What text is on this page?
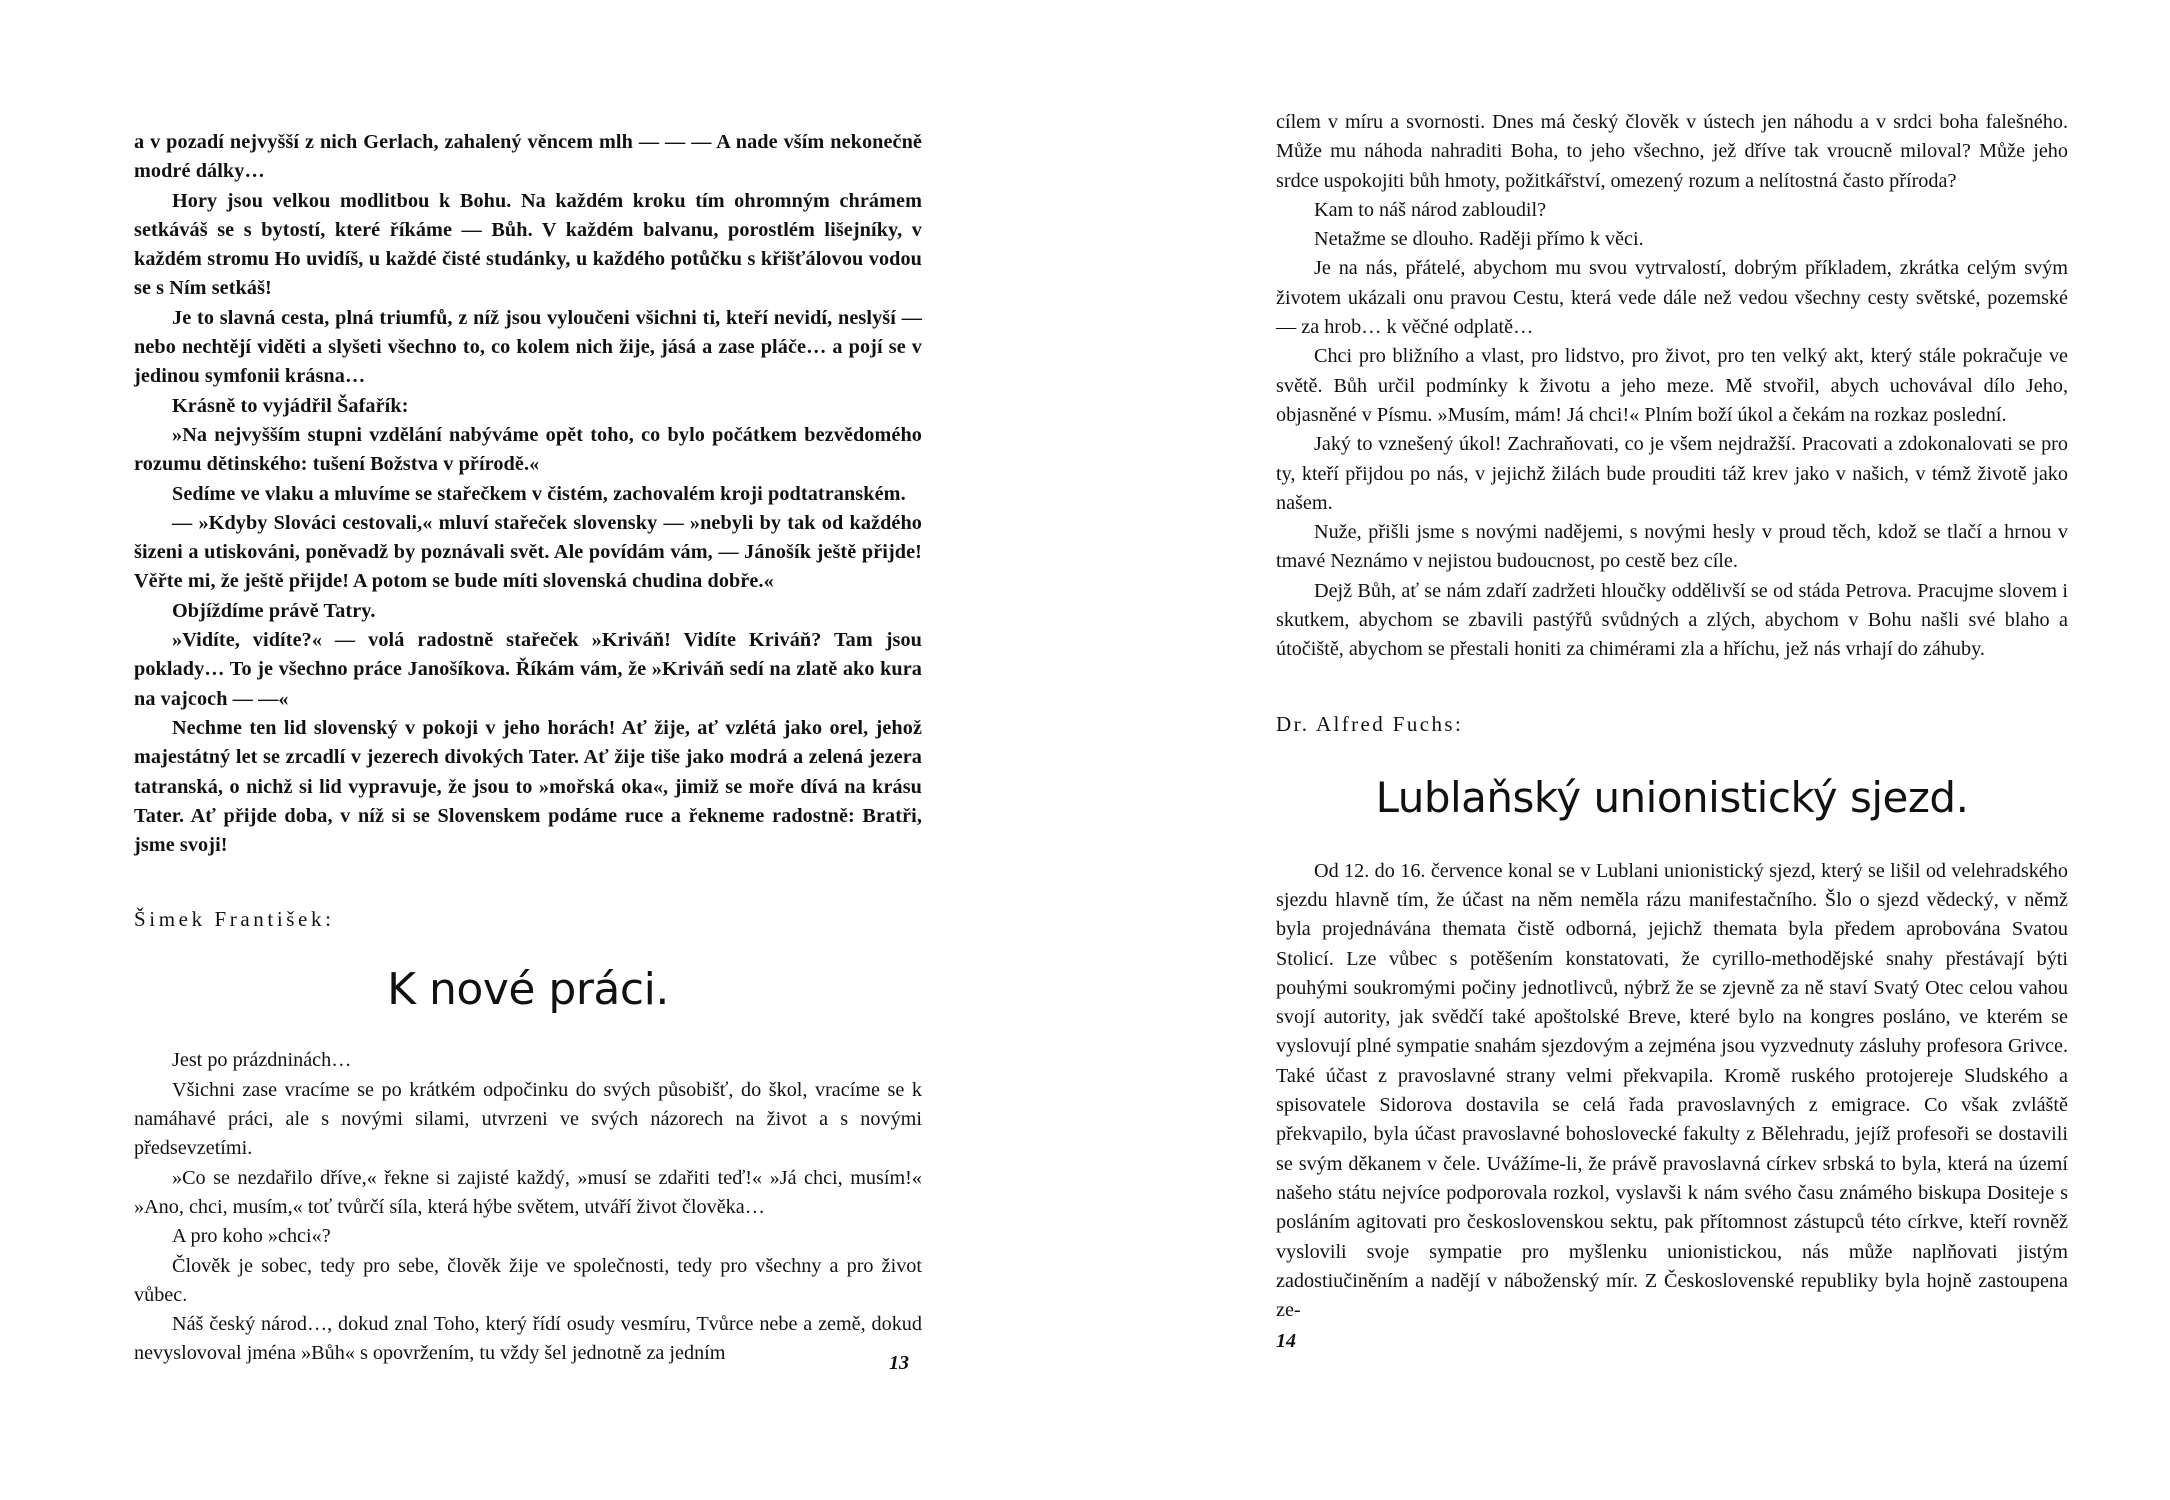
a v pozadí nejvyšší z nich Gerlach, zahalený věncem mlh — — — A nade vším nekonečně modré dálky…

Hory jsou velkou modlitbou k Bohu. Na každém kroku tím ohromným chrámem setkáváš se s bytostí, které říkáme — Bůh. V každém balvanu, porostlém lišejníky, v každém stromu Ho uvidíš, u každé čisté studánky, u každého potůčku s křišťálovou vodou se s Ním setkáš!

Je to slavná cesta, plná triumfů, z níž jsou vyloučeni všichni ti, kteří nevidí, neslyší — nebo nechtějí viděti a slyšeti všechno to, co kolem nich žije, jásá a zase pláče… a pojí se v jedinou symfonii krásna…

Krásně to vyjádřil Šafařík:

»Na nejvyšším stupni vzdělání nabýváme opět toho, co bylo počátkem bezvědomého rozumu dětinského: tušení Božstva v přírodě.«

Sedíme ve vlaku a mluvíme se stařečkem v čistém, zachovalém kroji podtatranském.

— »Kdyby Slováci cestovali,« mluví stařeček slovensky — »nebyli by tak od každého šizeni a utiskováni, poněvadž by poznávali svět. Ale povídám vám, — Jánošík ještě přijde! Věřte mi, že ještě přijde! A potom se bude míti slovenská chudina dobře.«

Objíždíme právě Tatry.

»Vidíte, vidíte?« — volá radostně stařeček »Kriváň! Vidíte Kriváň? Tam jsou poklady… To je všechno práce Janošíkova. Říkám vám, že »Kriváň sedí na zlatě ako kura na vajcoch — —«

Nechme ten lid slovenský v pokoji v jeho horách! Ať žije, ať vzlétá jako orel, jehož majestátný let se zrcadlí v jezerech divokých Tater. Ať žije tiše jako modrá a zelená jezera tatranská, o nichž si lid vypravuje, že jsou to »mořská oka«, jimiž se moře dívá na krásu Tater. Ať přijde doba, v níž si se Slovenskem podáme ruce a řekneme radostně: Bratři, jsme svoji!

Šimek František:
K nové práci.

Jest po prázdninách…

Všichni zase vracíme se po krátkém odpočinku do svých působišť, do škol, vracíme se k namáhavé práci, ale s novými silami, utvrzeni ve svých názorech na život a s novými předsevzetími.

»Co se nezdařilo dříve,« řekne si zajisté každý, »musí se zdařiti teď!« »Já chci, musím!« »Ano, chci, musím,« toť tvůrčí síla, která hýbe světem, utváří život člověka…

A pro koho »chci«?

Člověk je sobec, tedy pro sebe, člověk žije ve společnosti, tedy pro všechny a pro život vůbec.

Náš český národ…, dokud znal Toho, který řídí osudy vesmíru, Tvůrce nebe a země, dokud nevyslovoval jména »Bůh« s opovržením, tu vždy šel jednotně za jedním	13

cílem v míru a svornosti. Dnes má český člověk v ústech jen náhodu a v srdci boha falešného. Může mu náhoda nahraditi Boha, to jeho všechno, jež dříve tak vroucně miloval? Může jeho srdce uspokojiti bůh hmoty, požitkářství, omezený rozum a nelítostná často příroda?

Kam to náš národ zabloudil?

Netažme se dlouho. Raději přímo k věci.

Je na nás, přátelé, abychom mu svou vytrvalostí, dobrým příkladem, zkrátka celým svým životem ukázali onu pravou Cestu, která vede dále než vedou všechny cesty světské, pozemské — za hrob… k věčné odplatě…

Chci pro bližního a vlast, pro lidstvo, pro život, pro ten velký akt, který stále pokračuje ve světě. Bůh určil podmínky k životu a jeho meze. Mě stvořil, abych uchovával dílo Jeho, objasněné v Písmu. »Musím, mám! Já chci!« Plním boží úkol a čekám na rozkaz poslední.

Jaký to vznešený úkol! Zachraňovati, co je všem nejdražší. Pracovati a zdokonalovati se pro ty, kteří přijdou po nás, v jejichž žilách bude prouditi táž krev jako v našich, v témž životě jako našem.

Nuže, přišli jsme s novými nadějemi, s novými hesly v proud těch, kdož se tlačí a hrnou v tmavé Neznámo v nejistou budoucnost, po cestě bez cíle.

Dejž Bůh, ať se nám zdaří zadržeti hloučky oddělivší se od stáda Petrova. Pracujme slovem i skutkem, abychom se zbavili pastýřů svůdných a zlých, abychom v Bohu našli své blaho a útočiště, abychom se přestali honiti za chimérami zla a hříchu, jež nás vrhají do záhuby.

Dr. Alfred Fuchs:
Lublaňský unionistický sjezd.

Od 12. do 16. července konal se v Lublani unionistický sjezd, který se lišil od velehradského sjezdu hlavně tím, že účast na něm neměla rázu manifestačního. Šlo o sjezd vědecký, v němž byla projednávána themata čistě odborná, jejichž themata byla předem aprobována Svatou Stolicí. Lze vůbec s potěšením konstatovati, že cyrillo-methodějské snahy přestávají býti pouhými soukromými počiny jednotlivců, nýbrž že se zjevně za ně staví Svatý Otec celou vahou svojí autority, jak svědčí také apoštolské Breve, které bylo na kongres posláno, ve kterém se vyslovují plné sympatie snahám sjezdovým a zejména jsou vyzvednuty zásluhy profesora Grivce. Také účast z pravoslavné strany velmi překvapila. Kromě ruského protojereje Sludského a spisovatele Sidorova dostavila se celá řada pravoslavných z emigrace. Co však zvláště překvapilo, byla účast pravoslavné bohoslovecké fakulty z Bělehradu, jejíž profesoři se dostavili se svým děkanem v čele. Uvážíme-li, že právě pravoslavná církev srbská to byla, která na území našeho státu nejvíce podporovala rozkol, vyslavši k nám svého času známého biskupa Dositeje s posláním agitovati pro československou sektu, pak přítomnost zástupců této církve, kteří rovněž vyslovili svoje sympatie pro myšlenku unionistickou, nás může naplňovati jistým zadostiučiněním a nadějí v náboženský mír. Z Československé republiky byla hojně zastoupena ze-

14
